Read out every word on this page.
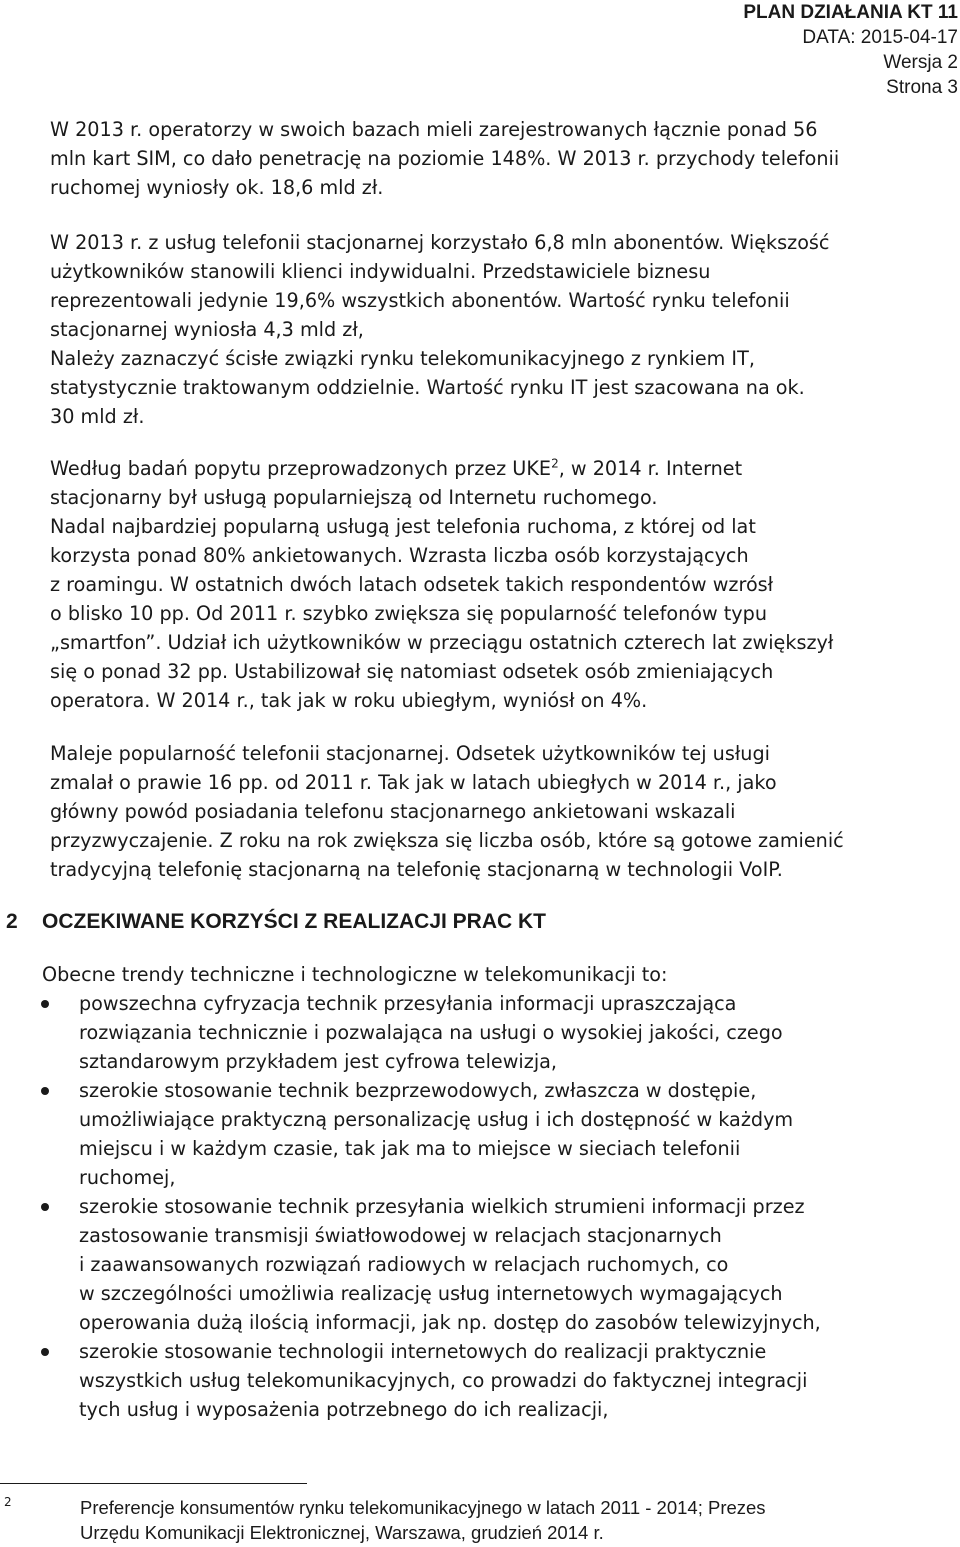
PLAN DZIAŁANIA KT 11
DATA: 2015-04-17
Wersja 2
Strona 3
W 2013 r. operatorzy w swoich bazach mieli zarejestrowanych łącznie ponad 56
mln kart SIM, co dało penetrację na poziomie 148%. W 2013 r. przychody telefonii
ruchomej wyniosły ok. 18,6 mld zł.
W 2013 r. z usług telefonii stacjonarnej korzystało 6,8 mln abonentów. Większość
użytkowników stanowili klienci indywidualni. Przedstawiciele biznesu
reprezentowali jedynie 19,6% wszystkich abonentów. Wartość rynku telefonii
stacjonarnej wyniosła 4,3 mld zł,
Należy zaznaczyć ścisłe związki rynku telekomunikacyjnego z rynkiem IT,
statystycznie traktowanym oddzielnie. Wartość rynku IT jest szacowana na ok.
30 mld zł.
Według badań popytu przeprowadzonych przez UKE$^2$, w 2014 r. Internet
stacjonarny był usługą popularniejszą od Internetu ruchomego.
Nadal najbardziej popularną usługą jest telefonia ruchoma, z której od lat
korzysta ponad 80% ankietowanych. Wzrasta liczba osób korzystających
z roamingu. W ostatnich dwóch latach odsetek takich respondentów wzrósł
o blisko 10 pp. Od 2011 r. szybko zwiększa się popularność telefonów typu
„smartfon”. Udział ich użytkowników w przeciągu ostatnich czterech lat zwiększył
się o ponad 32 pp. Ustabilizował się natomiast odsetek osób zmieniających
operatora. W 2014 r., tak jak w roku ubiegłym, wyniósł on 4%.
Maleje popularność telefonii stacjonarnej. Odsetek użytkowników tej usługi
zmalał o prawie 16 pp. od 2011 r. Tak jak w latach ubiegłych w 2014 r., jako
główny powód posiadania telefonu stacjonarnego ankietowani wskazali
przyzwyczajenie. Z roku na rok zwiększa się liczba osób, które są gotowe zamienić
tradycyjną telefonię stacjonarną na telefonię stacjonarną w technologii VoIP.
2 OCZEKIWANE KORZYŚCI Z REALIZACJI PRAC KT
Obecne trendy techniczne i technologiczne w telekomunikacji to:
powszechna cyfryzacja technik przesyłania informacji upraszczająca
rozwiązania technicznie i pozwalająca na usługi o wysokiej jakości, czego
sztandarowym przykładem jest cyfrowa telewizja,
szerokie stosowanie technik bezprzewodowych, zwłaszcza w dostępie,
umożliwiające praktyczną personalizację usług i ich dostępność w każdym
miejscu i w każdym czasie, tak jak ma to miejsce w sieciach telefonii
ruchomej,
szerokie stosowanie technik przesyłania wielkich strumieni informacji przez
zastosowanie transmisji światłowodowej w relacjach stacjonarnych
i zaawansowanych rozwiązań radiowych w relacjach ruchomych, co
w szczególności umożliwia realizację usług internetowych wymagających
operowania dużą ilością informacji, jak np. dostęp do zasobów telewizyjnych,
szerokie stosowanie technologii internetowych do realizacji praktycznie
wszystkich usług telekomunikacyjnych, co prowadzi do faktycznej integracji
tych usług i wyposażenia potrzebnego do ich realizacji,
2	Preferencje konsumentów rynku telekomunikacyjnego w latach 2011 - 2014; Prezes
Urzędu Komunikacji Elektronicznej, Warszawa, grudzień 2014 r.
